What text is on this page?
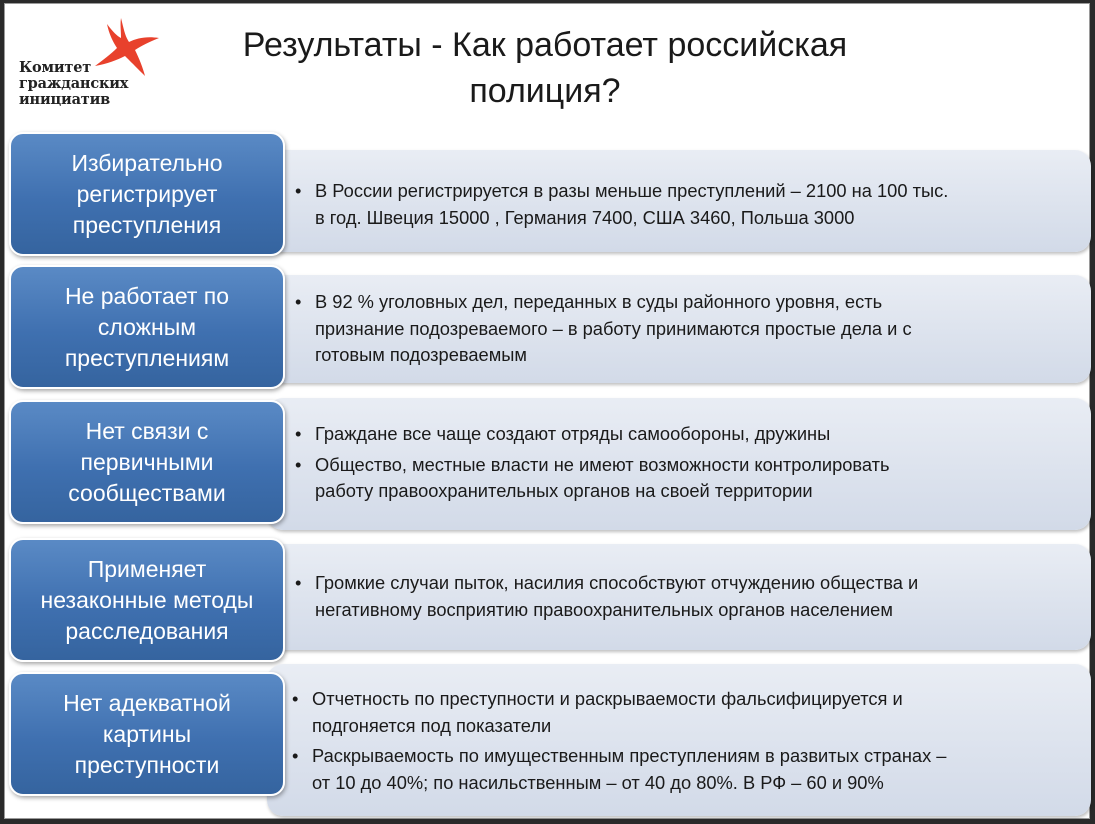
Комитет
гражданских
инициатив
Результаты - Как работает российская
полиция?
Избирательно
регистрирует
преступления
• В России регистрируется в разы меньше преступлений – 2100 на 100 тыс.
в год. Швеция 15000 , Германия 7400, США 3460, Польша 3000
Не работает по
сложным
преступлениям
• В 92 % уголовных дел, переданных в суды районного уровня, есть
признание подозреваемого – в работу принимаются простые дела и с
готовым подозреваемым
Нет связи с
первичными
сообществами
• Граждане все чаще создают отряды самообороны, дружины
• Общество, местные власти не имеют возможности контролировать
работу правоохранительных органов на своей территории
Применяет
незаконные методы
расследования
• Громкие случаи пыток, насилия способствуют отчуждению общества и
негативному восприятию правоохранительных органов населением
Нет адекватной
картины
преступности
• Отчетность по преступности и раскрываемости фальсифицируется и
подгоняется под показатели
• Раскрываемость по имущественным преступлениям в развитых странах –
от 10 до 40%; по насильственным – от 40 до 80%. В РФ – 60 и 90%
